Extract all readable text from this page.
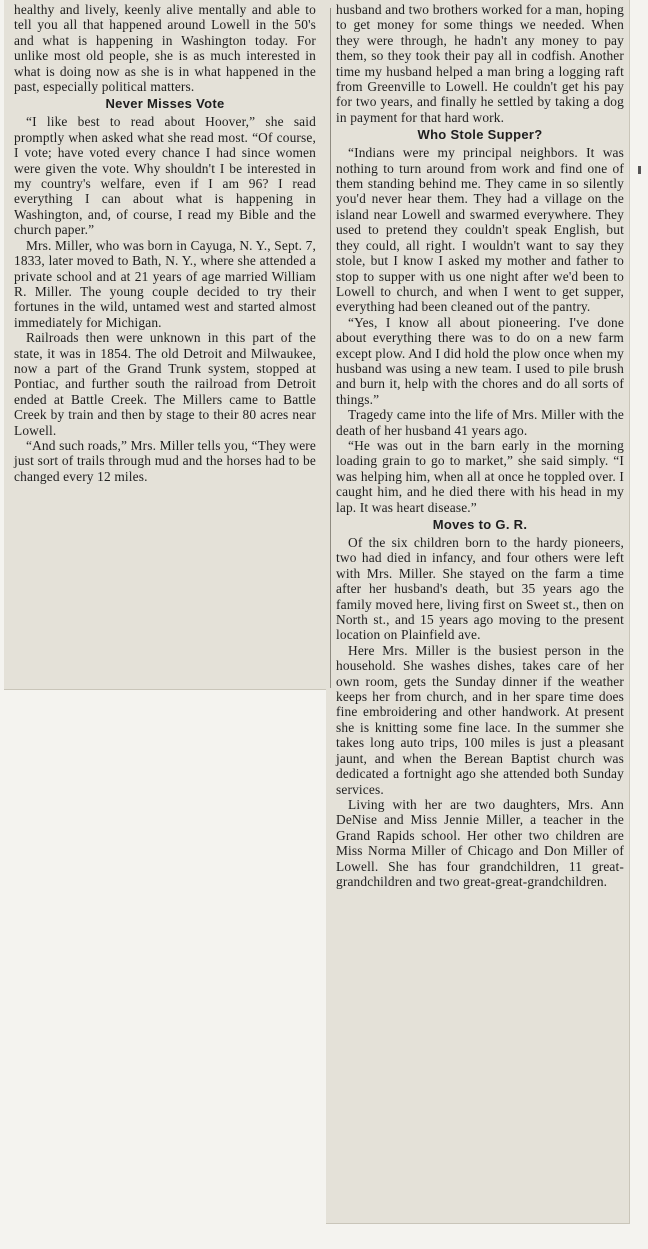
healthy and lively, keenly alive mentally and able to tell you all that happened around Lowell in the 50's and what is happening in Washington today. For unlike most old people, she is as much interested in what is doing now as she is in what happened in the past, especially political matters.

Never Misses Vote

“I like best to read about Hoover,” she said promptly when asked what she read most. “Of course, I vote; have voted every chance I had since women were given the vote. Why shouldn't I be interested in my country's welfare, even if I am 96? I read everything I can about what is happening in Washington, and, of course, I read my Bible and the church paper.”

Mrs. Miller, who was born in Cayuga, N. Y., Sept. 7, 1833, later moved to Bath, N. Y., where she attended a private school and at 21 years of age married William R. Miller. The young couple decided to try their fortunes in the wild, untamed west and started almost immediately for Michigan.

Railroads then were unknown in this part of the state, it was in 1854. The old Detroit and Milwaukee, now a part of the Grand Trunk system, stopped at Pontiac, and further south the railroad from Detroit ended at Battle Creek. The Millers came to Battle Creek by train and then by stage to their 80 acres near Lowell.

“And such roads,” Mrs. Miller tells you, “They were just sort of trails through mud and the horses had to be changed every 12 miles.

husband and two brothers worked for a man, hoping to get money for some things we needed. When they were through, he hadn't any money to pay them, so they took their pay all in codfish. Another time my husband helped a man bring a logging raft from Greenville to Lowell. He couldn't get his pay for two years, and finally he settled by taking a dog in payment for that hard work.

Who Stole Supper?

“Indians were my principal neighbors. It was nothing to turn around from work and find one of them standing behind me. They came in so silently you'd never hear them. They had a village on the island near Lowell and swarmed everywhere. They used to pretend they couldn't speak English, but they could, all right. I wouldn't want to say they stole, but I know I asked my mother and father to stop to supper with us one night after we'd been to Lowell to church, and when I went to get supper, everything had been cleaned out of the pantry.

“Yes, I know all about pioneering. I've done about everything there was to do on a new farm except plow. And I did hold the plow once when my husband was using a new team. I used to pile brush and burn it, help with the chores and do all sorts of things.”

Tragedy came into the life of Mrs. Miller with the death of her husband 41 years ago.

“He was out in the barn early in the morning loading grain to go to market,” she said simply. “I was helping him, when all at once he toppled over. I caught him, and he died there with his head in my lap. It was heart disease.”

Moves to G. R.

Of the six children born to the hardy pioneers, two had died in infancy, and four others were left with Mrs. Miller. She stayed on the farm a time after her husband's death, but 35 years ago the family moved here, living first on Sweet st., then on North st., and 15 years ago moving to the present location on Plainfield ave.

Here Mrs. Miller is the busiest person in the household. She washes dishes, takes care of her own room, gets the Sunday dinner if the weather keeps her from church, and in her spare time does fine embroidering and other handwork. At present she is knitting some fine lace. In the summer she takes long auto trips, 100 miles is just a pleasant jaunt, and when the Berean Baptist church was dedicated a fortnight ago she attended both Sunday services.

Living with her are two daughters, Mrs. Ann DeNise and Miss Jennie Miller, a teacher in the Grand Rapids school. Her other two children are Miss Norma Miller of Chicago and Don Miller of Lowell. She has four grandchildren, 11 great-grandchildren and two great-great-grandchildren.
